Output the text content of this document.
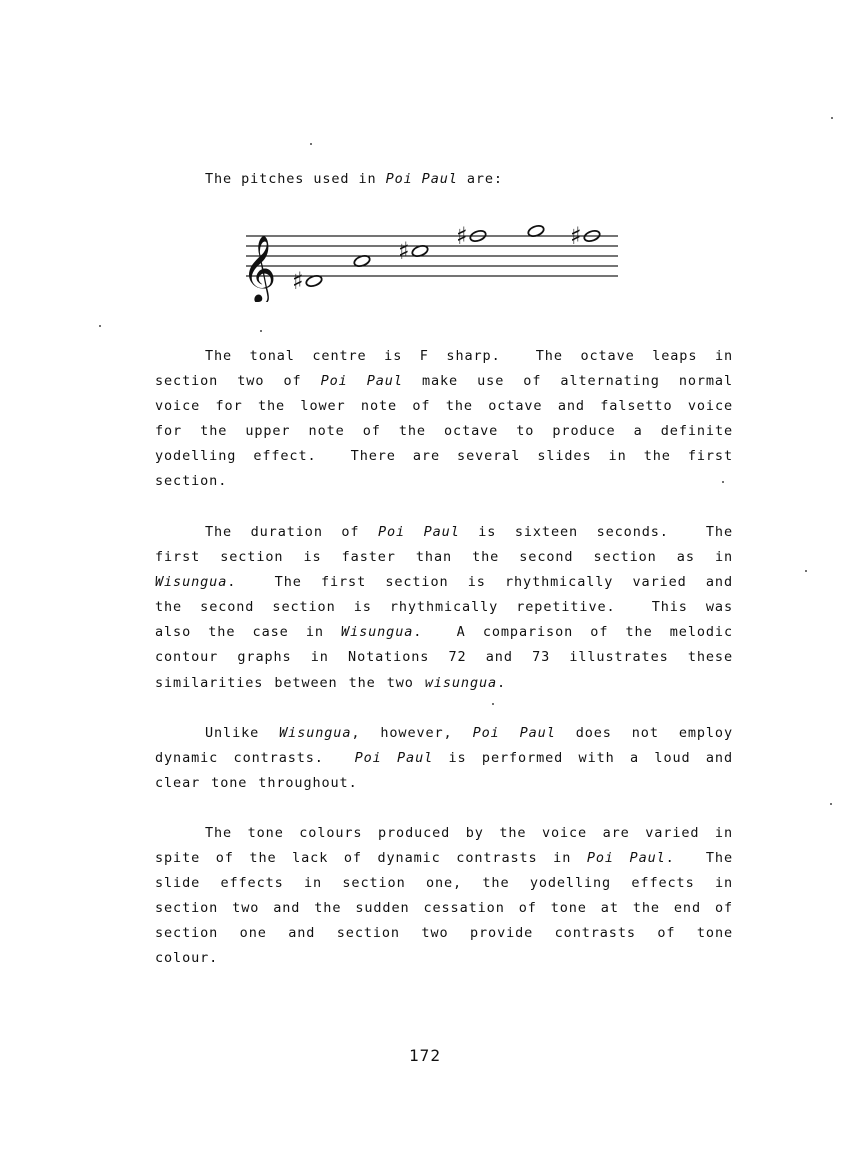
The pitches used in Poi Paul are:
𝄞 ♯
♯
♯	♯
The tonal centre is F sharp.  The octave leaps in
section two of Poi Paul make use of alternating normal
voice for the lower note of the octave and falsetto voice
for the upper note of the octave to produce a definite
yodelling effect.  There are several slides in the first
section.
The duration of Poi Paul is sixteen seconds.  The
first section is faster than the second section as in
Wisungua.  The first section is rhythmically varied and
the second section is rhythmically repetitive.  This was
also the case in Wisungua.  A comparison of the melodic
contour graphs in Notations 72 and 73 illustrates these
similarities between the two wisungua.
Unlike Wisungua, however, Poi Paul does not employ
dynamic contrasts.  Poi Paul is performed with a loud and
clear tone throughout.
The tone colours produced by the voice are varied in
spite of the lack of dynamic contrasts in Poi Paul.  The
slide effects in section one, the yodelling effects in
section two and the sudden cessation of tone at the end of
section one and section two provide contrasts of tone
colour.
172
